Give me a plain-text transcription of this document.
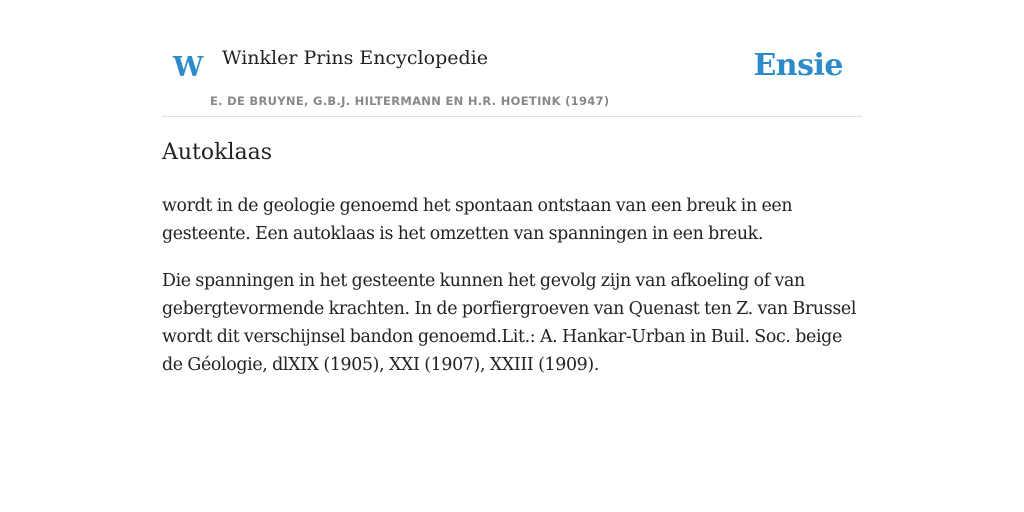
W Winkler Prins Encyclopedie
E. DE BRUYNE, G.B.J. HILTERMANN EN H.R. HOETINK (1947)
Ensie
Autoklaas

wordt in de geologie genoemd het spontaan ontstaan van een breuk in een gesteente. Een autoklaas is het omzetten van spanningen in een breuk.

Die spanningen in het gesteente kunnen het gevolg zijn van afkoeling of van gebergtevormende krachten. In de porfiergroeven van Quenast ten Z. van Brussel wordt dit verschijnsel bandon genoemd.Lit.: A. Hankar-Urban in Buil. Soc. beige de Géologie, dlXIX (1905), XXI (1907), XXIII (1909).
